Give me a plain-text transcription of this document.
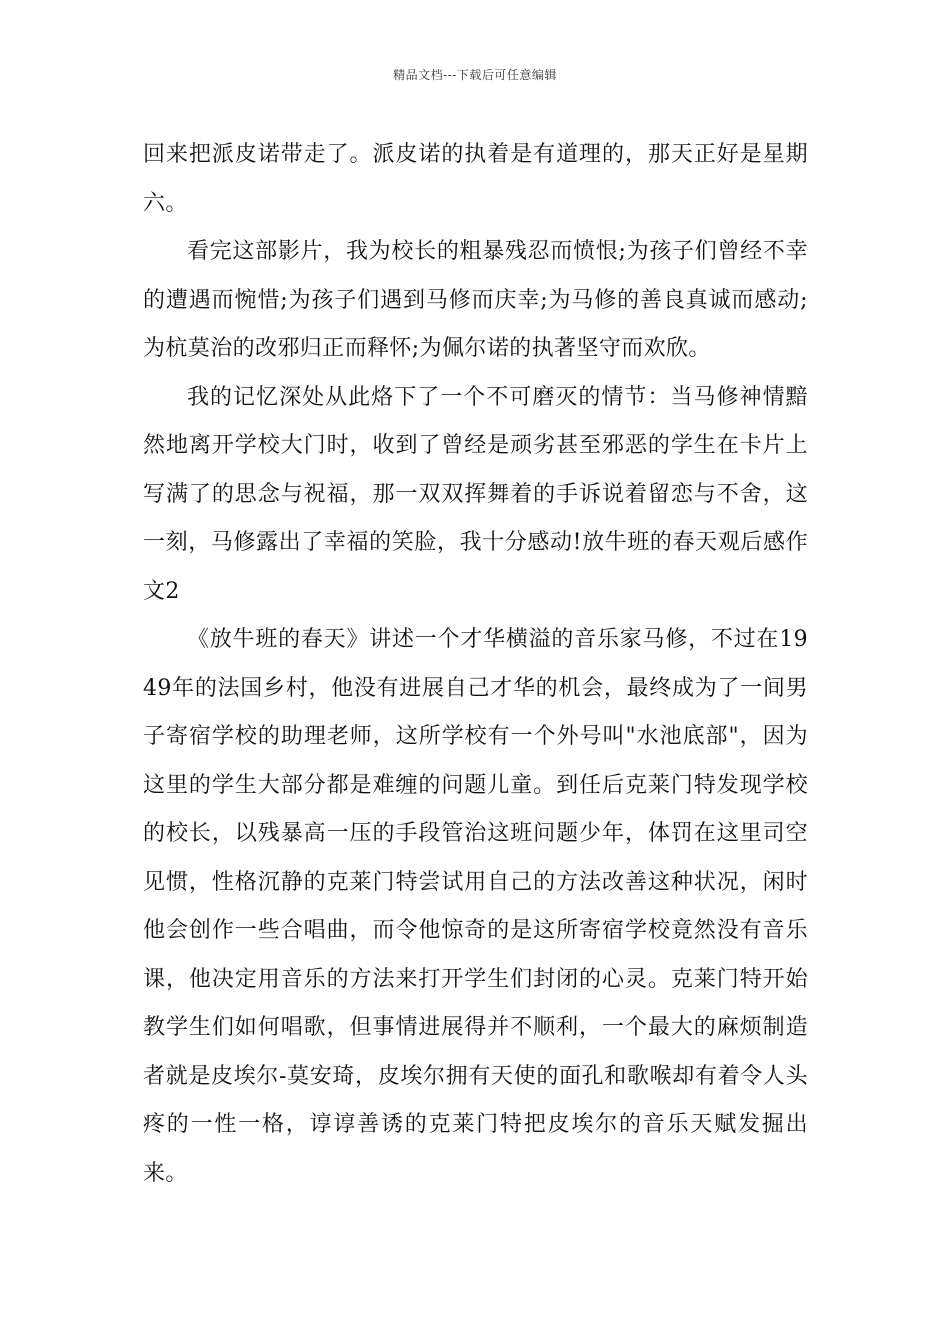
精品文档---下载后可任意编辑

回来把派皮诺带走了。派皮诺的执着是有道理的，那天正好是星期六。

看完这部影片，我为校长的粗暴残忍而愤恨;为孩子们曾经不幸的遭遇而惋惜;为孩子们遇到马修而庆幸;为马修的善良真诚而感动;为杭莫治的改邪归正而释怀;为佩尔诺的执著坚守而欢欣。

我的记忆深处从此烙下了一个不可磨灭的情节：当马修神情黯然地离开学校大门时，收到了曾经是顽劣甚至邪恶的学生在卡片上写满了的思念与祝福，那一双双挥舞着的手诉说着留恋与不舍，这一刻，马修露出了幸福的笑脸，我十分感动!放牛班的春天观后感作文2

《放牛班的春天》讲述一个才华横溢的音乐家马修，不过在1949年的法国乡村，他没有进展自己才华的机会，最终成为了一间男子寄宿学校的助理老师，这所学校有一个外号叫"水池底部"，因为这里的学生大部分都是难缠的问题儿童。到任后克莱门特发现学校的校长，以残暴高一压的手段管治这班问题少年，体罚在这里司空见惯，性格沉静的克莱门特尝试用自己的方法改善这种状况，闲时他会创作一些合唱曲，而令他惊奇的是这所寄宿学校竟然没有音乐课，他决定用音乐的方法来打开学生们封闭的心灵。克莱门特开始教学生们如何唱歌，但事情进展得并不顺利，一个最大的麻烦制造者就是皮埃尔-莫安琦，皮埃尔拥有天使的面孔和歌喉却有着令人头疼的一性一格，谆谆善诱的克莱门特把皮埃尔的音乐天赋发掘出来。
